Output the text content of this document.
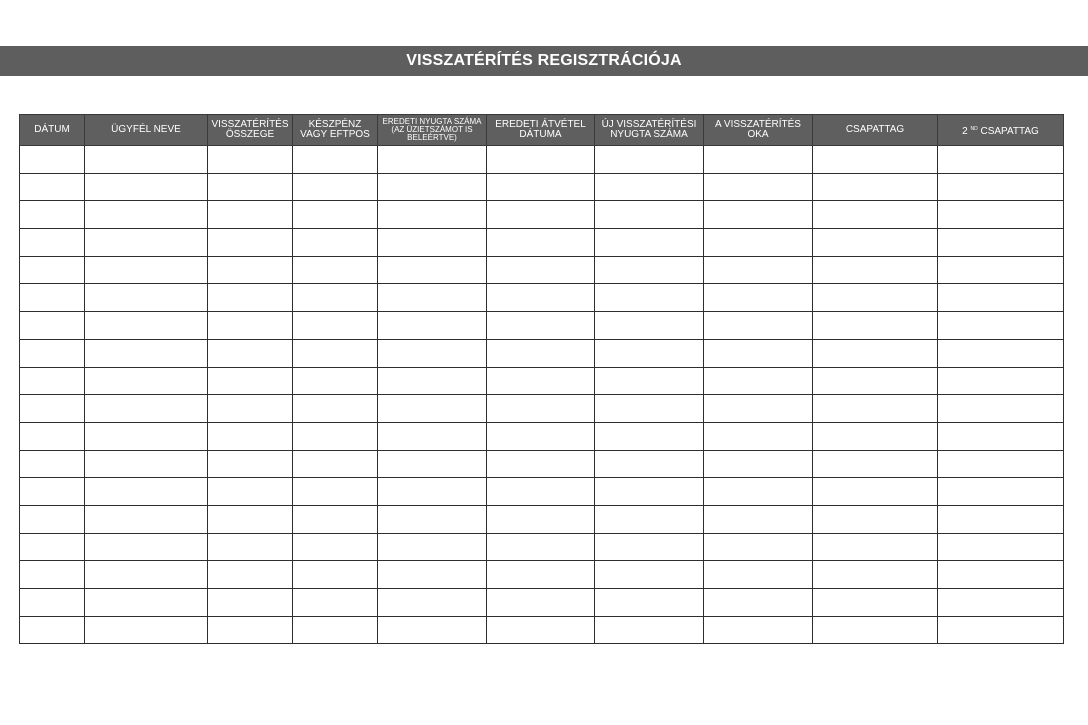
VISSZATÉRÍTÉS REGISZTRÁCIÓJA
DÁTUM	ÜGYFÉL NEVE	VISSZATÉRÍTÉS ÖSSZEGE	KÉSZPÉNZ VAGY EFTPOS	EREDETI NYUGTA SZÁMA (AZ ÜZIETSZÁMOT IS BELEÉRTVE)	EREDETI ÁTVÉTEL DÁTUMA	ÚJ VISSZATÉRÍTÉSI NYUGTA SZÁMA	A VISSZATÉRÍTÉS OKA	CSAPATTAG	2 $^{ND}$ CSAPATTAG
